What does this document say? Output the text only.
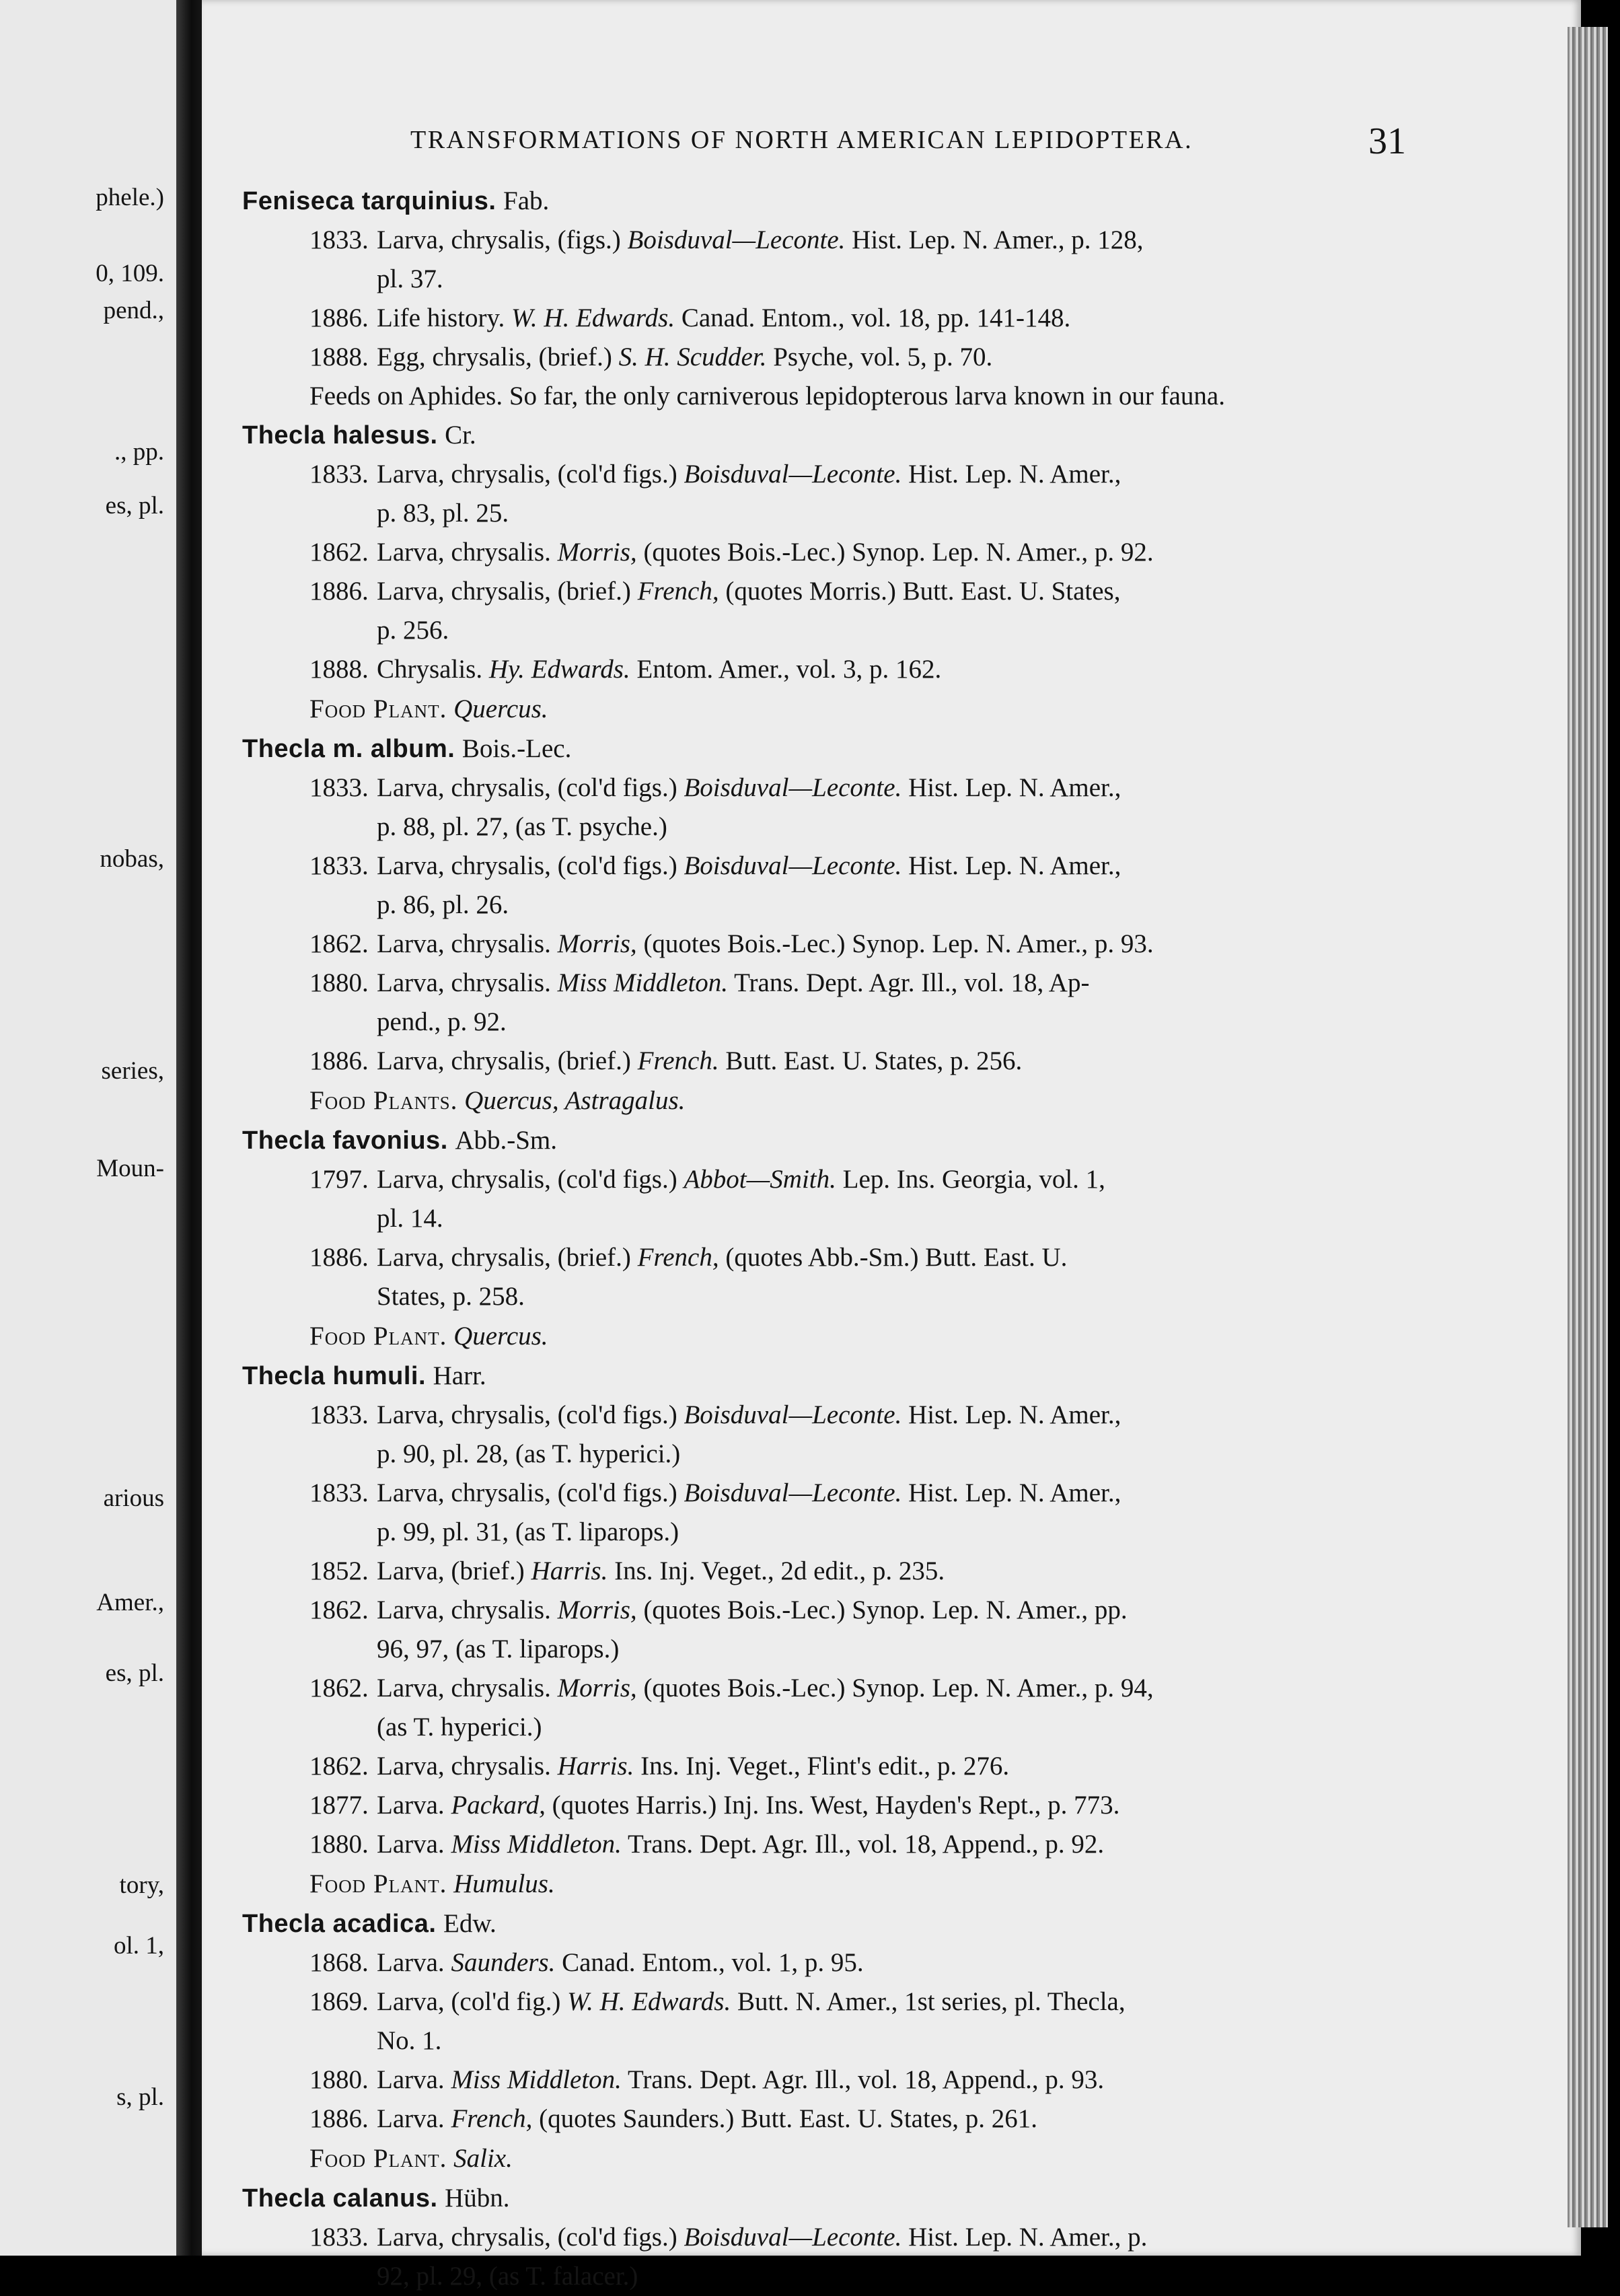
phele.)
0, 109.
pend.,
., pp.
es, pl.
nobas,
series,
Moun-
arious
Amer.,
es, pl.
tory,
ol. 1,
s, pl.
TRANSFORMATIONS OF NORTH AMERICAN LEPIDOPTERA.	31
Feniseca tarquinius. Fab.
1833. Larva, chrysalis, (figs.) Boisduval—Leconte. Hist. Lep. N. Amer., p. 128,
pl. 37.
1886. Life history. W. H. Edwards. Canad. Entom., vol. 18, pp. 141-148.
1888. Egg, chrysalis, (brief.) S. H. Scudder. Psyche, vol. 5, p. 70.
Feeds on Aphides. So far, the only carniverous lepidopterous larva known in our fauna.
Thecla halesus. Cr.
1833. Larva, chrysalis, (col'd figs.) Boisduval—Leconte. Hist. Lep. N. Amer.,
p. 83, pl. 25.
1862. Larva, chrysalis. Morris, (quotes Bois.-Lec.) Synop. Lep. N. Amer., p. 92.
1886. Larva, chrysalis, (brief.) French, (quotes Morris.) Butt. East. U. States,
p. 256.
1888. Chrysalis. Hy. Edwards. Entom. Amer., vol. 3, p. 162.
Food Plant. Quercus.
Thecla m. album. Bois.-Lec.
1833. Larva, chrysalis, (col'd figs.) Boisduval—Leconte. Hist. Lep. N. Amer.,
p. 88, pl. 27, (as T. psyche.)
1833. Larva, chrysalis, (col'd figs.) Boisduval—Leconte. Hist. Lep. N. Amer.,
p. 86, pl. 26.
1862. Larva, chrysalis. Morris, (quotes Bois.-Lec.) Synop. Lep. N. Amer., p. 93.
1880. Larva, chrysalis. Miss Middleton. Trans. Dept. Agr. Ill., vol. 18, Ap-
pend., p. 92.
1886. Larva, chrysalis, (brief.) French. Butt. East. U. States, p. 256.
Food Plants. Quercus, Astragalus.
Thecla favonius. Abb.-Sm.
1797. Larva, chrysalis, (col'd figs.) Abbot—Smith. Lep. Ins. Georgia, vol. 1,
pl. 14.
1886. Larva, chrysalis, (brief.) French, (quotes Abb.-Sm.) Butt. East. U.
States, p. 258.
Food Plant. Quercus.
Thecla humuli. Harr.
1833. Larva, chrysalis, (col'd figs.) Boisduval—Leconte. Hist. Lep. N. Amer.,
p. 90, pl. 28, (as T. hyperici.)
1833. Larva, chrysalis, (col'd figs.) Boisduval—Leconte. Hist. Lep. N. Amer.,
p. 99, pl. 31, (as T. liparops.)
1852. Larva, (brief.) Harris. Ins. Inj. Veget., 2d edit., p. 235.
1862. Larva, chrysalis. Morris, (quotes Bois.-Lec.) Synop. Lep. N. Amer., pp.
96, 97, (as T. liparops.)
1862. Larva, chrysalis. Morris, (quotes Bois.-Lec.) Synop. Lep. N. Amer., p. 94,
(as T. hyperici.)
1862. Larva, chrysalis. Harris. Ins. Inj. Veget., Flint's edit., p. 276.
1877. Larva. Packard, (quotes Harris.) Inj. Ins. West, Hayden's Rept., p. 773.
1880. Larva. Miss Middleton. Trans. Dept. Agr. Ill., vol. 18, Append., p. 92.
Food Plant. Humulus.
Thecla acadica. Edw.
1868. Larva. Saunders. Canad. Entom., vol. 1, p. 95.
1869. Larva, (col'd fig.) W. H. Edwards. Butt. N. Amer., 1st series, pl. Thecla,
No. 1.
1880. Larva. Miss Middleton. Trans. Dept. Agr. Ill., vol. 18, Append., p. 93.
1886. Larva. French, (quotes Saunders.) Butt. East. U. States, p. 261.
Food Plant. Salix.
Thecla calanus. Hübn.
1833. Larva, chrysalis, (col'd figs.) Boisduval—Leconte. Hist. Lep. N. Amer., p.
92, pl. 29, (as T. falacer.)
